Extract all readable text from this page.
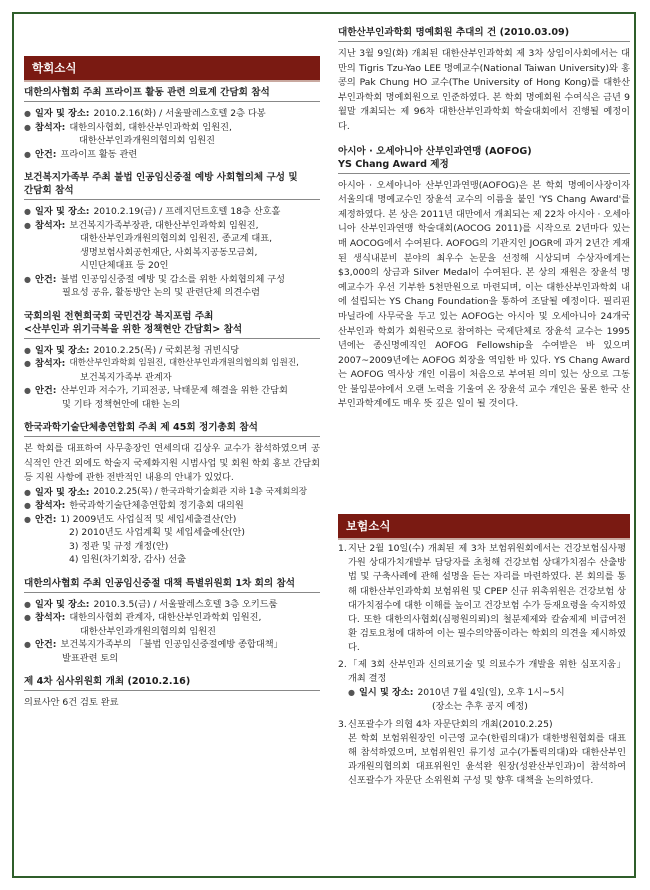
학회소식
대한의사협회 주최 프라이프 활동 관련 의료계 간담회 참석
● 일자 및 장소: 2010.2.16(화) / 서울팔레스호텔 2층 다봉
● 참석자: 대한의사협회, 대한산부인과학회 임원진,
대한산부인과개원의협의회 임원진
● 안건: 프라이프 활동 관련
보건복지가족부 주최 불법 인공임신중절 예방 사회협의체 구성 및
간담회 참석
● 일자 및 장소: 2010.2.19(금) / 프레지던트호텔 18층 산호홀
● 참석자: 보건복지가족부장관, 대한산부인과학회 임원진,
대한산부인과개원의협의회 임원진, 종교계 대표,
생명보험사회공헌재단, 사회복지공동모금회,
시민단체대표 등 20인
● 안건: 불법 인공임신중절 예방 및 감소를 위한 사회협의체 구성
필요성 공유, 활동방안 논의 및 관련단체 의견수렴
국회의원 전현희국회 국민건강 복지포럼 주최
<산부인과 위기극복을 위한 정책현안 간담회> 참석
● 일자 및 장소: 2010.2.25(목) / 국회본청 귀빈식당
● 참석자: 대한산부인과학회 임원진, 대한산부인과개원의협의회 임원진,
보건복지가족부 관계자
● 안건: 산부인과 저수가, 기피전공, 낙태문제 해결을 위한 간담회
및 기타 정책현안에 대한 논의
한국과학기술단체총연합회 주최 제 45회 정기총회 참석
본 학회를 대표하여 사무총장인 연세의대 김상우 교수가 참석하였으며 공식적인 안건 외에도 학술지 국제화지원 시범사업 및 회원 학회 홍보 간담회 등 지원 사항에 관한 전반적인 내용의 안내가 있었다.
● 일자 및 장소: 2010.2.25(목) / 한국과학기술회관 지하 1층 국제회의장
● 참석자: 한국과학기술단체총연합회 정기총회 대의원
● 안건: 1) 2009년도 사업실적 및 세입세출결산(안)
2) 2010년도 사업계획 및 세입세출예산(안)
3) 정관 및 규정 개정(안)
4) 임원(차기회장, 감사) 선출
대한의사협회 주최 인공임신중절 대책 특별위원회 1차 회의 참석
● 일자 및 장소: 2010.3.5(금) / 서울팔레스호텔 3층 오키드룸
● 참석자: 대한의사협회 관계자, 대한산부인과학회 임원진,
대한산부인과개원의협의회 임원진
● 안건: 보건복지가족부의 「불법 인공임신중절예방 종합대책」
발표관련 토의
제 4차 심사위원회 개최 (2010.2.16)
의료사안 6건 검토 완료
대한산부인과학회 명예회원 추대의 건 (2010.03.09)
지난 3월 9일(화) 개최된 대한산부인과학회 제 3차 상임이사회에서는 대만의 Tigris Tzu-Yao LEE 명예교수(National Taiwan University)와 홍콩의 Pak Chung HO 교수(The University of Hong Kong)를 대한산부인과학회 명예회원으로 인준하였다. 본 학회 명예회원 수여식은 금년 9월말 개최되는 제 96차 대한산부인과학회 학술대회에서 진행될 예정이다.
아시아 · 오세아니아 산부인과연맹 (AOFOG)
YS Chang Award 제정
아시아 · 오세아니아 산부인과연맹(AOFOG)은 본 학회 명예이사장이자 서울의대 명예교수인 장윤석 교수의 이름을 붙인 'YS Chang Award'를 제정하였다. 본 상은 2011년 대만에서 개최되는 제 22차 아시아 · 오세아니아 산부인과연맹 학술대회(AOCOG 2011)를 시작으로 2년마다 있는 매 AOCOG에서 수여된다. AOFOG의 기관지인 JOGR에 과거 2년간 게재된 생식내분비 분야의 최우수 논문을 선정해 시상되며 수상자에게는 $3,000의 상금과 Silver Medal이 수여된다. 본 상의 재원은 장윤석 명예교수가 우선 기부한 5천만원으로 마련되며, 이는 대한산부인과학회 내에 설립되는 YS Chang Foundation을 통하여 조달될 예정이다. 필리핀 마닐라에 사무국을 두고 있는 AOFOG는 아시아 및 오세아니아 24개국 산부인과 학회가 회원국으로 참여하는 국제단체로 장윤석 교수는 1995년에는 종신명예직인 AOFOG Fellowship을 수여받은 바 있으며 2007~2009년에는 AOFOG 회장을 역임한 바 있다. YS Chang Award는 AOFOG 역사상 개인 이름이 처음으로 부여된 의미 있는 상으로 그동안 불임분야에서 오랜 노력을 기울여 온 장윤석 교수 개인은 물론 한국 산부인과학계에도 매우 뜻 깊은 일이 될 것이다.
보험소식
1. 지난 2월 10일(수) 개최된 제 3차 보험위원회에서는 건강보험심사평가원 상대가치개발부 담당자를 초청해 건강보험 상대가치점수 산출방법 및 구축사례에 관해 설명을 듣는 자리를 마련하였다. 본 회의를 통해 대한산부인과학회 보험위원 및 CPEP 신규 위촉위원은 건강보험 상대가치점수에 대한 이해를 높이고 건강보험 수가 등재요령을 숙지하였다. 또한 대한의사협회(심평원의뢰)의 철분제제와 칼슘제제 비급여전환 검토요청에 대하여 이는 필수의약품이라는 학회의 의견을 제시하였다.
2. 「제 3회 산부인과 신의료기술 및 의료수가 개발을 위한 심포지움」개최 결정
● 일시 및 장소: 2010년 7월 4일(일), 오후 1시~5시
(장소는 추후 공지 예정)
3. 신포괄수가 의협 4차 자문단회의 개최(2010.2.25)
본 학회 보험위원장인 이근영 교수(한림의대)가 대한병원협회를 대표해 참석하였으며, 보험위원인 류기성 교수(가톨릭의대)와 대한산부인과개원의협의회 대표위원인 윤석완 원장(성완산부인과)이 참석하여 신포괄수가 자문단 소위원회 구성 및 향후 대책을 논의하였다.
